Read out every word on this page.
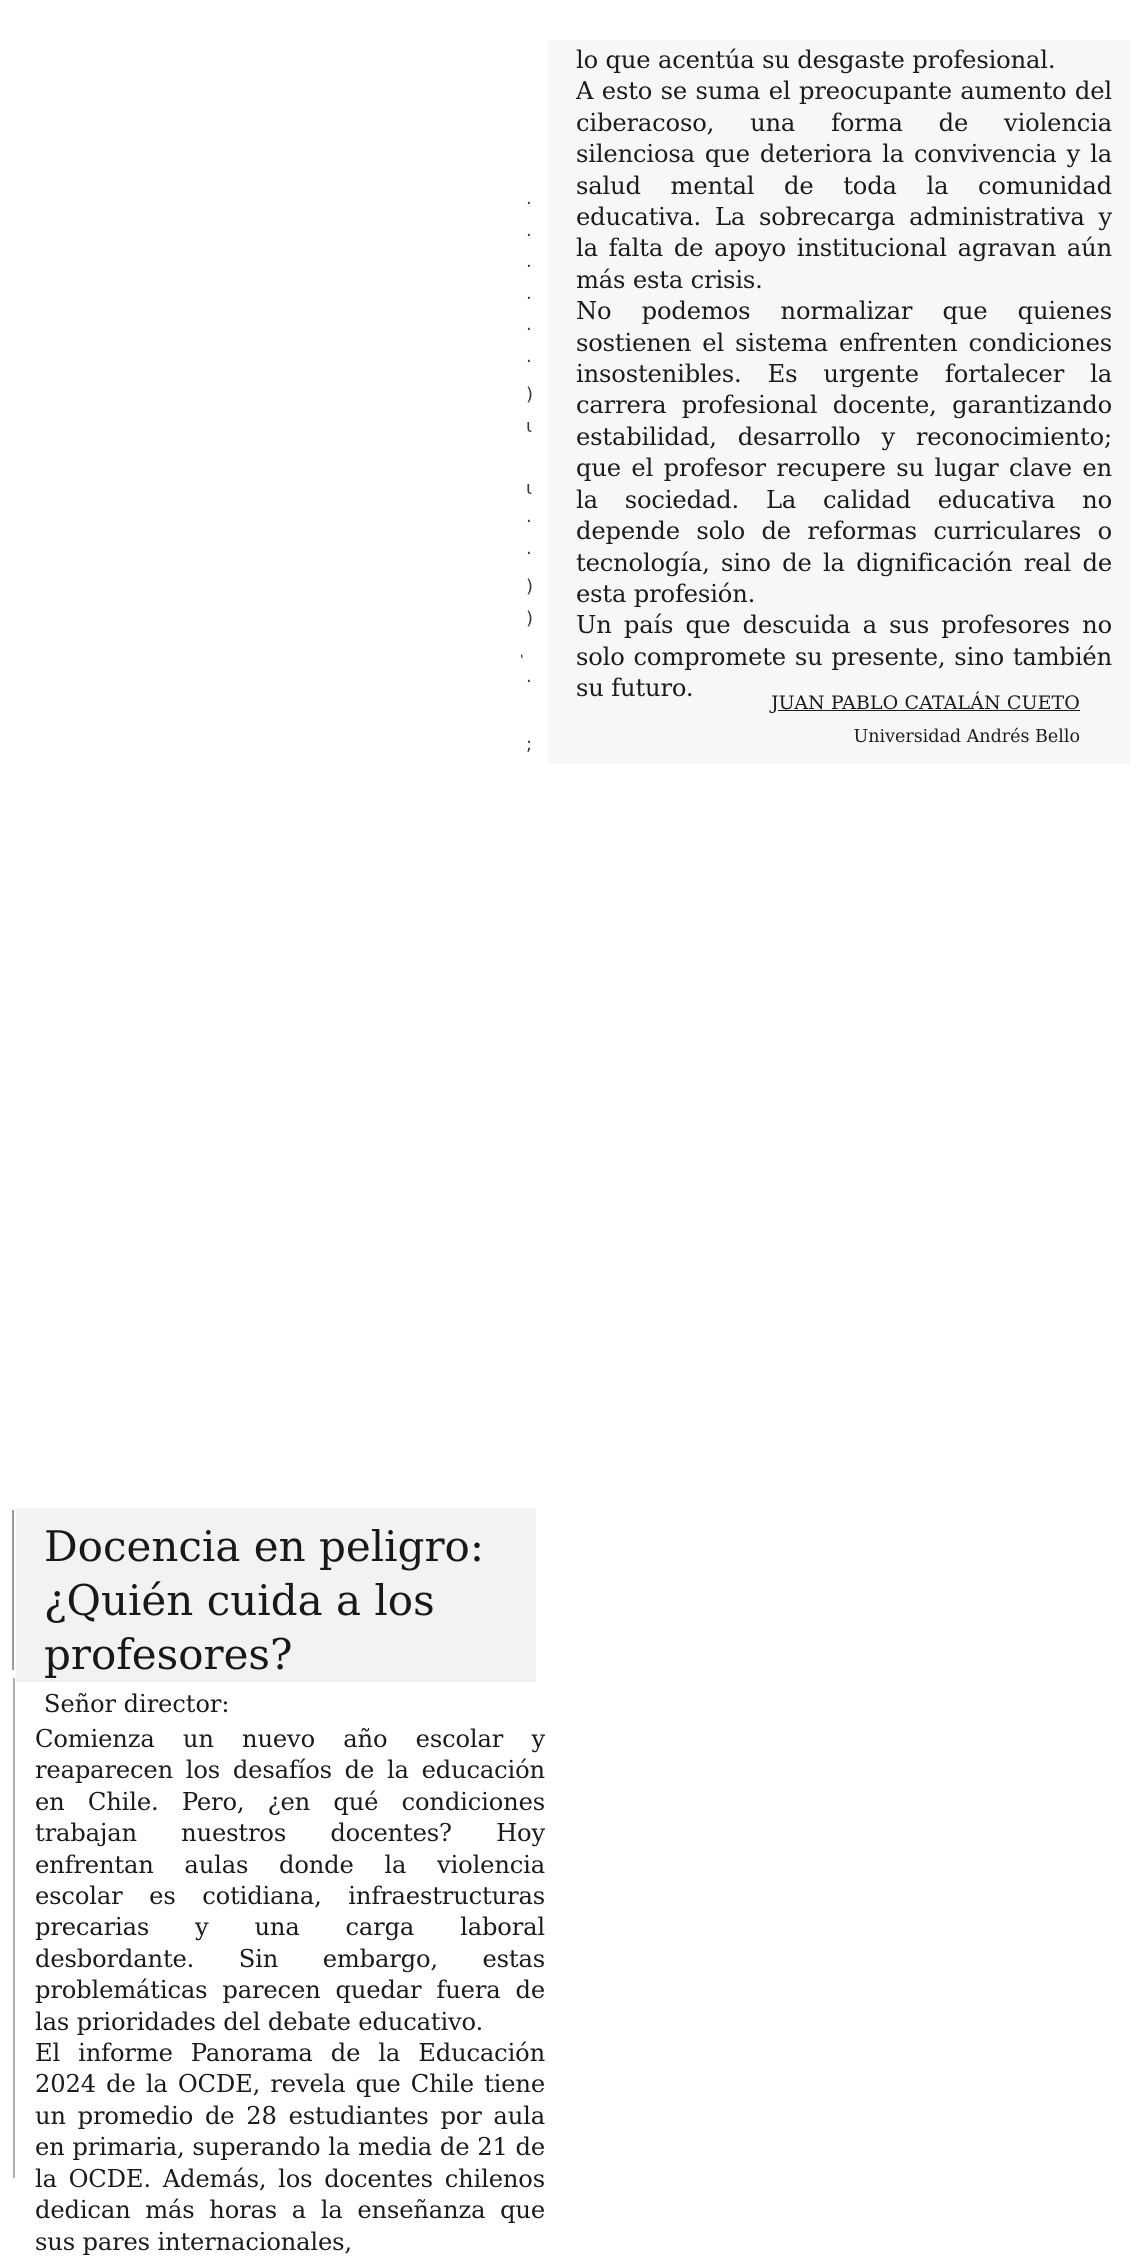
lo que acentúa su desgaste profesional.

A esto se suma el preocupante aumento del ciberacoso, una forma de violencia silenciosa que deteriora la convivencia y la salud mental de toda la comunidad educativa. La sobrecarga administrativa y la falta de apoyo institucional agravan aún más esta crisis.

No podemos normalizar que quienes sostienen el sistema enfrenten condiciones insostenibles. Es urgente fortalecer la carrera profesional docente, garantizando estabilidad, desarrollo y reconocimiento; que el profesor recupere su lugar clave en la sociedad. La calidad educativa no depende solo de reformas curriculares o tecnología, sino de la dignificación real de esta profesión.

Un país que descuida a sus profesores no solo compromete su presente, sino también su futuro.

JUAN PABLO CATALÁN CUETO

Universidad Andrés Bello

.
.
.
.
.
.
)
ι
ι
.
.
)
)
.
;
Docencia en peligro: ¿Quién cuida a los profesores?

Señor director:

Comienza un nuevo año escolar y reaparecen los desafíos de la educación en Chile. Pero, ¿en qué condiciones trabajan nuestros docentes? Hoy enfrentan aulas donde la violencia escolar es cotidiana, infraestructuras precarias y una carga laboral desbordante. Sin embargo, estas problemáticas parecen quedar fuera de las prioridades del debate educativo.

El informe Panorama de la Educación 2024 de la OCDE, revela que Chile tiene un promedio de 28 estudiantes por aula en primaria, superando la media de 21 de la OCDE. Además, los docentes chilenos dedican más horas a la enseñanza que sus pares internacionales,
